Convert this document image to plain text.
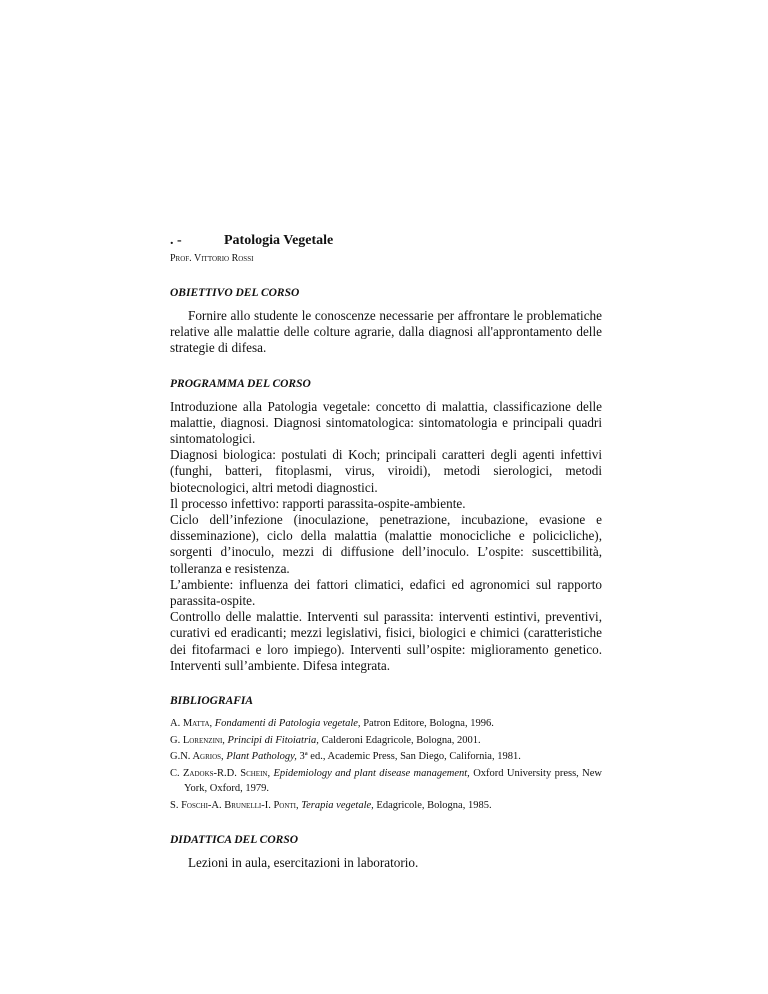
. -	Patologia Vegetale
Prof. Vittorio Rossi
OBIETTIVO DEL CORSO
Fornire allo studente le conoscenze necessarie per affrontare le problematiche relative alle malattie delle colture agrarie, dalla diagnosi all'approntamento delle strategie di difesa.
PROGRAMMA DEL CORSO
Introduzione alla Patologia vegetale: concetto di malattia, classificazione delle malattie, diagnosi. Diagnosi sintomatologica: sintomatologia e principali quadri sintomatologici.
Diagnosi biologica: postulati di Koch; principali caratteri degli agenti infettivi (funghi, batteri, fitoplasmi, virus, viroidi), metodi sierologici, metodi biotecnologici, altri metodi diagnostici.
Il processo infettivo: rapporti parassita-ospite-ambiente.
Ciclo dell’infezione (inoculazione, penetrazione, incubazione, evasione e disseminazione), ciclo della malattia (malattie monocicliche e policicliche), sorgenti d’inoculo, mezzi di diffusione dell’inoculo. L’ospite: suscettibilità, tolleranza e resistenza.
L’ambiente: influenza dei fattori climatici, edafici ed agronomici sul rapporto parassita-ospite.
Controllo delle malattie. Interventi sul parassita: interventi estintivi, preventivi, curativi ed eradicanti; mezzi legislativi, fisici, biologici e chimici (caratteristiche dei fitofarmaci e loro impiego). Interventi sull’ospite: miglioramento genetico. Interventi sull’ambiente. Difesa integrata.
BIBLIOGRAFIA
A. Matta, Fondamenti di Patologia vegetale, Patron Editore, Bologna, 1996.
G. Lorenzini, Principi di Fitoiatria, Calderoni Edagricole, Bologna, 2001.
G.N. Agrios, Plant Pathology, 3ª ed., Academic Press, San Diego, California, 1981.
C. Zadoks-R.D. Schein, Epidemiology and plant disease management, Oxford University press, New York, Oxford, 1979.
S. Foschi-A. Brunelli-I. Ponti, Terapia vegetale, Edagricole, Bologna, 1985.
DIDATTICA DEL CORSO
Lezioni in aula, esercitazioni in laboratorio.
